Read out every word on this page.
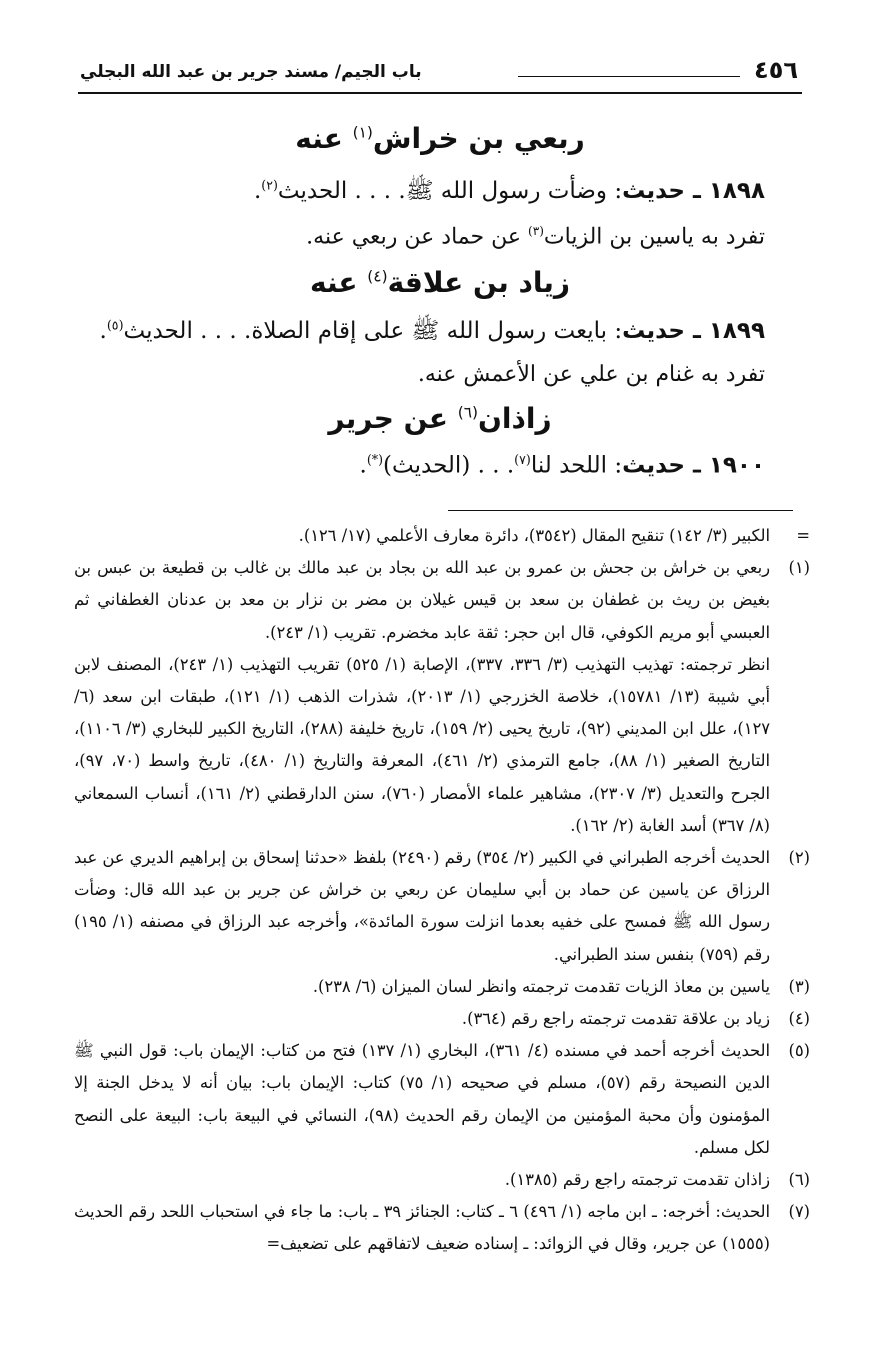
٤٥٦
باب الجيم/ مسند جرير بن عبد الله البجلي
ربعي بن خراش$^{(١)}$ عنه
١٨٩٨ ـ حديث: وضأت رسول الله ﷺ. . . . الحديث$^{(٢)}$.
تفرد به ياسين بن الزيات$^{(٣)}$ عن حماد عن ربعي عنه.
زياد بن علاقة$^{(٤)}$ عنه
١٨٩٩ ـ حديث: بايعت رسول الله ﷺ على إقام الصلاة. . . . الحديث$^{(٥)}$.
تفرد به غنام بن علي عن الأعمش عنه.
زاذان$^{(٦)}$ عن جرير
١٩٠٠ ـ حديث: اللحد لنا$^{(٧)}$. . . (الحديث)(*).
=
الكبير (٣/ ١٤٢) تنقيح المقال (٣٥٤٢)، دائرة معارف الأعلمي (١٧/ ١٢٦).
(١)
ربعي بن خراش بن جحش بن عمرو بن عبد الله بن بجاد بن عبد مالك بن غالب بن قطيعة بن عبس بن بغيض بن ريث بن غطفان بن سعد بن قيس غيلان بن مضر بن نزار بن معد بن عدنان الغطفاني ثم العبسي أبو مريم الكوفي، قال ابن حجر: ثقة عابد مخضرم. تقريب (١/ ٢٤٣).
انظر ترجمته: تهذيب التهذيب (٣/ ٣٣٦، ٣٣٧)، الإصابة (١/ ٥٢٥) تقريب التهذيب (١/ ٢٤٣)، المصنف لابن أبي شيبة (١٣/ ١٥٧٨١)، خلاصة الخزرجي (١/ ٢٠١٣)، شذرات الذهب (١/ ١٢١)، طبقات ابن سعد (٦/ ١٢٧)، علل ابن المديني (٩٢)، تاريخ يحيى (٢/ ١٥٩)، تاريخ خليفة (٢٨٨)، التاريخ الكبير للبخاري (٣/ ١١٠٦)، التاريخ الصغير (١/ ٨٨)، جامع الترمذي (٢/ ٤٦١)، المعرفة والتاريخ (١/ ٤٨٠)، تاريخ واسط (٧٠، ٩٧)، الجرح والتعديل (٣/ ٢٣٠٧)، مشاهير علماء الأمصار (٧٦٠)، سنن الدارقطني (٢/ ١٦١)، أنساب السمعاني (٨/ ٣٦٧) أسد الغابة (٢/ ١٦٢).
(٢)
الحديث أخرجه الطبراني في الكبير (٢/ ٣٥٤) رقم (٢٤٩٠) بلفظ «حدثنا إسحاق بن إبراهيم الديري عن عبد الرزاق عن ياسين عن حماد بن أبي سليمان عن ربعي بن خراش عن جرير بن عبد الله قال: وضأت رسول الله ﷺ فمسح على خفيه بعدما انزلت سورة المائدة»، وأخرجه عبد الرزاق في مصنفه (١/ ١٩٥) رقم (٧٥٩) بنفس سند الطبراني.
(٣)
ياسين بن معاذ الزيات تقدمت ترجمته وانظر لسان الميزان (٦/ ٢٣٨).
(٤)
زياد بن علاقة تقدمت ترجمته راجع رقم (٣٦٤).
(٥)
الحديث أخرجه أحمد في مسنده (٤/ ٣٦١)، البخاري (١/ ١٣٧) فتح من كتاب: الإيمان باب: قول النبي ﷺ الدين النصيحة رقم (٥٧)، مسلم في صحيحه (١/ ٧٥) كتاب: الإيمان باب: بيان أنه لا يدخل الجنة إلا المؤمنون وأن محبة المؤمنين من الإيمان رقم الحديث (٩٨)، النسائي في البيعة باب: البيعة على النصح لكل مسلم.
(٦)
زاذان تقدمت ترجمته راجع رقم (١٣٨٥).
(٧)
الحديث: أخرجه: ـ ابن ماجه (١/ ٤٩٦) ٦ ـ كتاب: الجنائز ٣٩ ـ باب: ما جاء في استحباب اللحد رقم الحديث (١٥٥٥) عن جرير، وقال في الزوائد: ـ إسناده ضعيف لاتفاقهم على تضعيف=
